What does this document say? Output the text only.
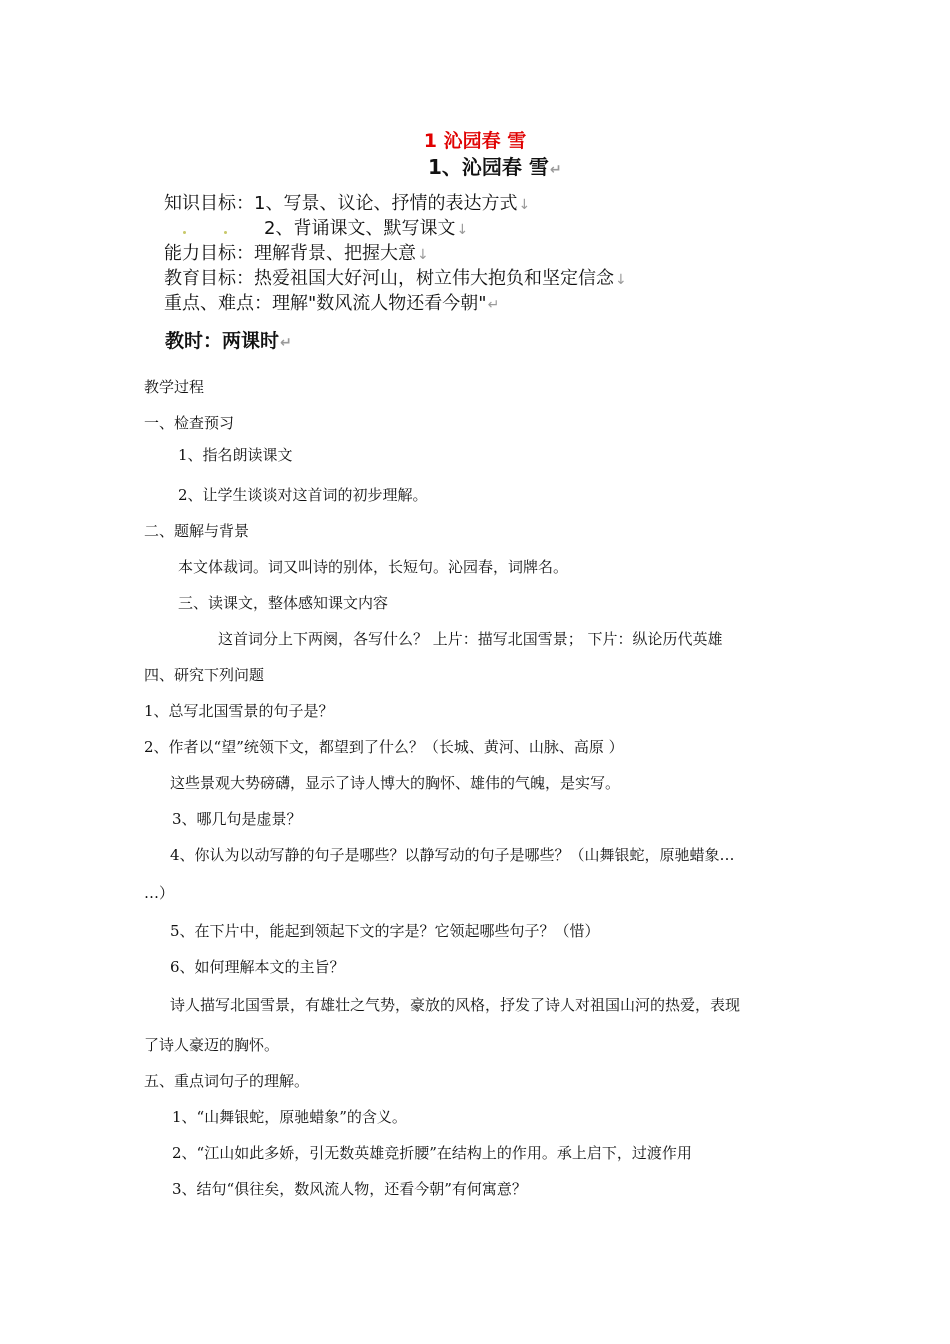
1 沁园春 雪
1、沁园春 雪↵
知识目标：1、写景、议论、抒情的表达方式↓
2、背诵课文、默写课文↓
能力目标：理解背景、把握大意↓
教育目标：热爱祖国大好河山，树立伟大抱负和坚定信念↓
重点、难点：理解"数风流人物还看今朝"↵
教时：两课时↵
教学过程
一、检查预习
1、指名朗读课文
2、让学生谈谈对这首词的初步理解。
二、题解与背景
本文体裁词。词又叫诗的别体，长短句。沁园春，词牌名。
三、读课文，整体感知课文内容
这首词分上下两阕，各写什么？ 上片：描写北国雪景； 下片：纵论历代英雄
四、研究下列问题
1、总写北国雪景的句子是？
2、作者以“望”统领下文，都望到了什么？（长城、黄河、山脉、高原 ）
这些景观大势磅礴，显示了诗人博大的胸怀、雄伟的气魄，是实写。
3、哪几句是虚景？
4、你认为以动写静的句子是哪些？以静写动的句子是哪些？（山舞银蛇，原驰蜡象…
…）
5、在下片中，能起到领起下文的字是？它领起哪些句子？（惜）
6、如何理解本文的主旨？
诗人描写北国雪景，有雄壮之气势，豪放的风格，抒发了诗人对祖国山河的热爱，表现
了诗人豪迈的胸怀。
五、重点词句子的理解。
1、“山舞银蛇，原驰蜡象”的含义。
2、“江山如此多娇，引无数英雄竞折腰”在结构上的作用。承上启下，过渡作用
3、结句“俱往矣，数风流人物，还看今朝”有何寓意？
